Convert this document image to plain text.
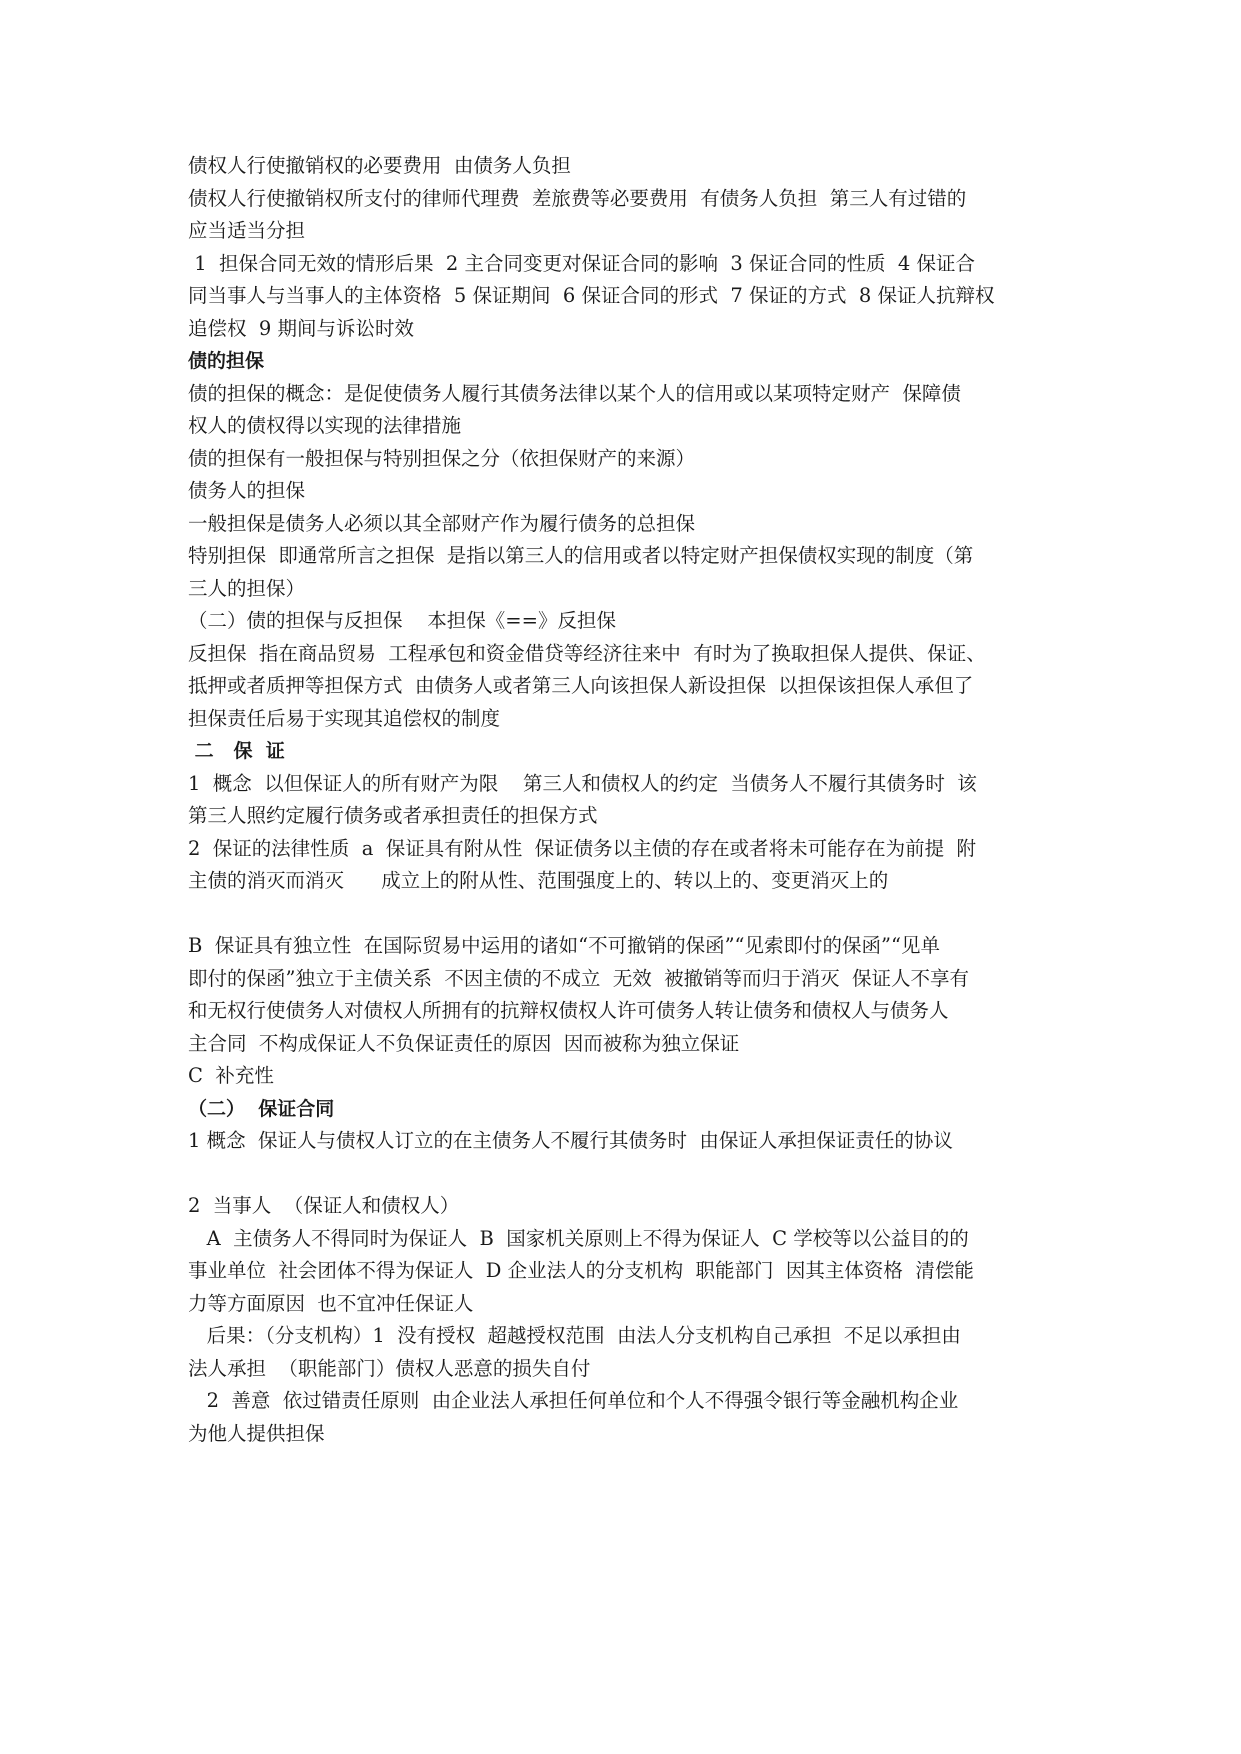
债权人行使撤销权的必要费用  由债务人负担

债权人行使撤销权所支付的律师代理费  差旅费等必要费用  有债务人负担  第三人有过错的

应当适当分担

1  担保合同无效的情形后果  2 主合同变更对保证合同的影响  3 保证合同的性质  4 保证合

同当事人与当事人的主体资格  5 保证期间  6 保证合同的形式  7 保证的方式  8 保证人抗辩权

追偿权  9 期间与诉讼时效

债的担保

债的担保的概念：是促使债务人履行其债务法律以某个人的信用或以某项特定财产  保障债

权人的债权得以实现的法律措施

债的担保有一般担保与特别担保之分（依担保财产的来源）

债务人的担保

一般担保是债务人必须以其全部财产作为履行债务的总担保

特别担保  即通常所言之担保  是指以第三人的信用或者以特定财产担保债权实现的制度（第

三人的担保）

（二）债的担保与反担保    本担保《==》反担保

反担保  指在商品贸易  工程承包和资金借贷等经济往来中  有时为了换取担保人提供、保证、

抵押或者质押等担保方式  由债务人或者第三人向该担保人新设担保  以担保该担保人承但了

担保责任后易于实现其追偿权的制度

二   保  证

1  概念  以但保证人的所有财产为限    第三人和债权人的约定  当债务人不履行其债务时  该

第三人照约定履行债务或者承担责任的担保方式

2  保证的法律性质  a  保证具有附从性  保证债务以主债的存在或者将未可能存在为前提  附

主债的消灭而消灭      成立上的附从性、范围强度上的、转以上的、变更消灭上的

B  保证具有独立性  在国际贸易中运用的诸如“不可撤销的保函”“见索即付的保函”“见单

即付的保函”独立于主债关系  不因主债的不成立  无效  被撤销等而归于消灭  保证人不享有

和无权行使债务人对债权人所拥有的抗辩权债权人许可债务人转让债务和债权人与债务人

主合同  不构成保证人不负保证责任的原因  因而被称为独立保证

C  补充性

（二）  保证合同

1 概念  保证人与债权人订立的在主债务人不履行其债务时  由保证人承担保证责任的协议

2  当事人  （保证人和债权人）

A  主债务人不得同时为保证人  B  国家机关原则上不得为保证人  C 学校等以公益目的的

事业单位  社会团体不得为保证人  D 企业法人的分支机构  职能部门  因其主体资格  清偿能

力等方面原因  也不宜冲任保证人

后果：（分支机构）1  没有授权  超越授权范围  由法人分支机构自己承担  不足以承担由

法人承担  （职能部门）债权人恶意的损失自付

2  善意  依过错责任原则  由企业法人承担任何单位和个人不得强令银行等金融机构企业

为他人提供担保
